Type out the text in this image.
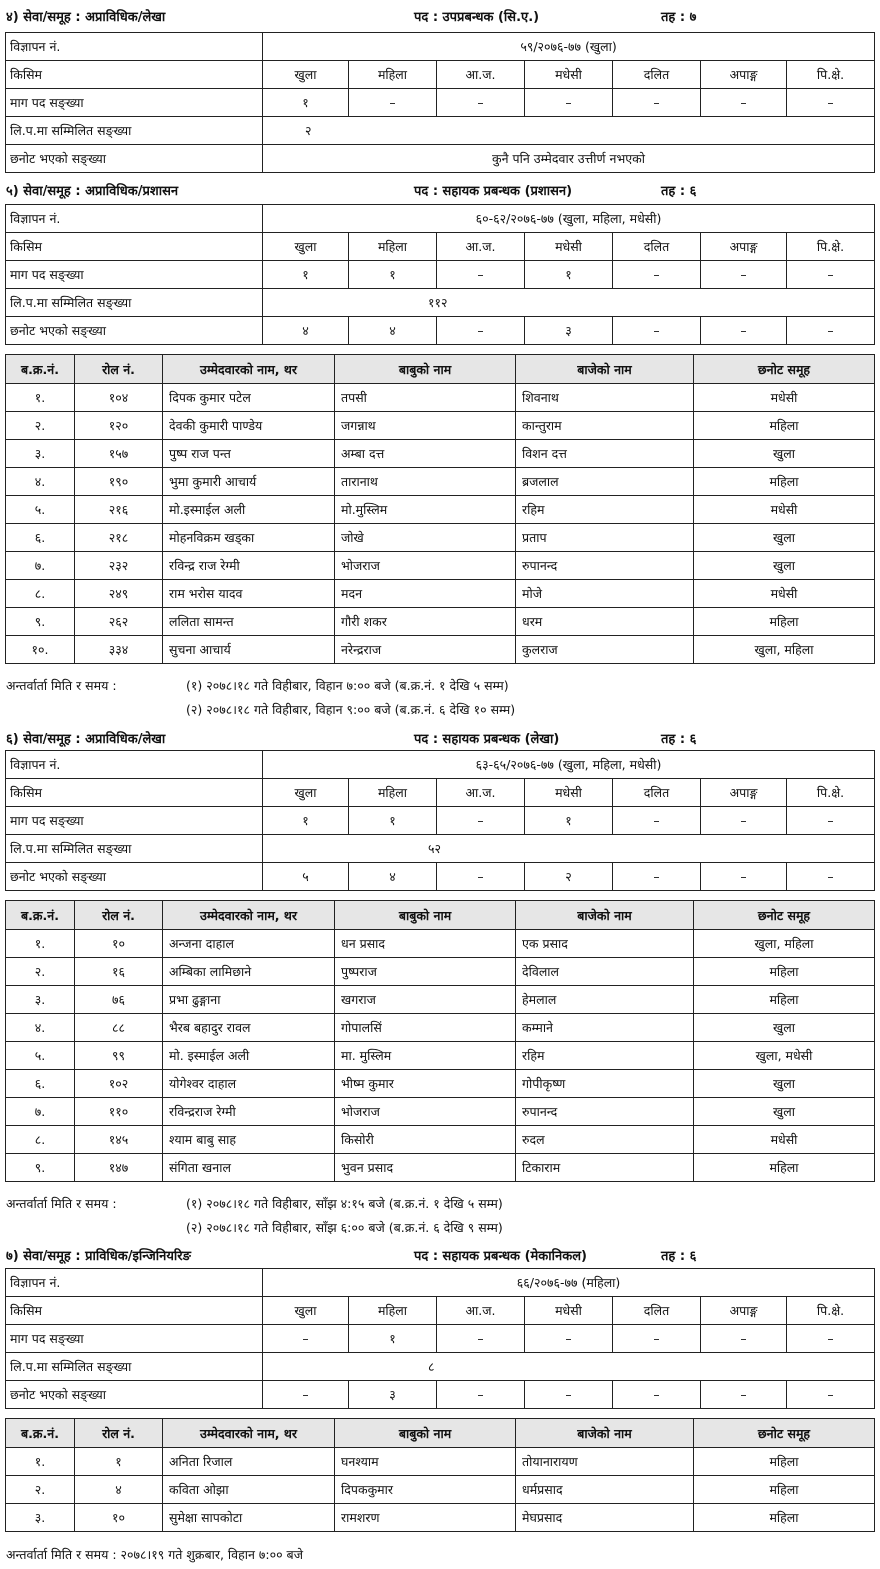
४) सेवा/समूह : अप्राविधिक/लेखा	पद : उपप्रबन्धक (सि.ए.)	तह : ७
विज्ञापन नं.	५९/२०७६-७७ (खुला)						
किसिम	खुला	महिला	आ.ज.	मधेसी	दलित	अपाङ्ग	पि.क्षे.
माग पद सङ्ख्या	१	–	–	–	–	–	–
लि.प.मा सम्मिलित सङ्ख्या	२						
छनोट भएको सङ्ख्या	कुनै पनि उम्मेदवार उत्तीर्ण नभएको						
५) सेवा/समूह : अप्राविधिक/प्रशासन	पद : सहायक प्रबन्धक (प्रशासन)	तह : ६
विज्ञापन नं.	६०-६२/२०७६-७७ (खुला, महिला, मधेसी)						
किसिम	खुला	महिला	आ.ज.	मधेसी	दलित	अपाङ्ग	पि.क्षे.
माग पद सङ्ख्या	१	१	–	१	–	–	–
लि.प.मा सम्मिलित सङ्ख्या	११२						
छनोट भएको सङ्ख्या	४	४	–	३	–	–	–
ब.क्र.नं.	रोल नं.	उम्मेदवारको नाम, थर	बाबुको नाम	बाजेको नाम	छनोट समूह
१.	१०४	दिपक कुमार पटेल	तपसी	शिवनाथ	मधेसी
२.	१२०	देवकी कुमारी पाण्डेय	जगन्नाथ	कान्तुराम	महिला
३.	१५७	पुष्प राज पन्त	अम्बा दत्त	विशन दत्त	खुला
४.	१९०	भुमा कुमारी आचार्य	तारानाथ	ब्रजलाल	महिला
५.	२१६	मो.इस्माईल अली	मो.मुस्लिम	रहिम	मधेसी
६.	२१८	मोहनविक्रम खड्का	जोखे	प्रताप	खुला
७.	२३२	रविन्द्र राज रेग्मी	भोजराज	रुपानन्द	खुला
८.	२४९	राम भरोस यादव	मदन	मोजे	मधेसी
९.	२६२	ललिता सामन्त	गौरी शकर	धरम	महिला
१०.	३३४	सुचना आचार्य	नरेन्द्रराज	कुलराज	खुला, महिला
अन्तर्वार्ता मिति र समय :	(१) २०७८।१८ गते विहीबार, विहान ७:०० बजे (ब.क्र.नं. १ देखि ५ सम्म)
(२) २०७८।१८ गते विहीबार, विहान ९:०० बजे (ब.क्र.नं. ६ देखि १० सम्म)
६) सेवा/समूह : अप्राविधिक/लेखा	पद : सहायक प्रबन्धक (लेखा)	तह : ६
विज्ञापन नं.	६३-६५/२०७६-७७ (खुला, महिला, मधेसी)						
किसिम	खुला	महिला	आ.ज.	मधेसी	दलित	अपाङ्ग	पि.क्षे.
माग पद सङ्ख्या	१	१	–	१	–	–	–
लि.प.मा सम्मिलित सङ्ख्या	५२						
छनोट भएको सङ्ख्या	५	४	–	२	–	–	–
ब.क्र.नं.	रोल नं.	उम्मेदवारको नाम, थर	बाबुको नाम	बाजेको नाम	छनोट समूह
१.	१०	अन्जना दाहाल	धन प्रसाद	एक प्रसाद	खुला, महिला
२.	१६	अम्बिका लामिछाने	पुष्पराज	देविलाल	महिला
३.	७६	प्रभा ढुङ्गाना	खगराज	हेमलाल	महिला
४.	८८	भैरब बहादुर रावल	गोपालसिं	कम्माने	खुला
५.	९९	मो. इस्माईल अली	मा. मुस्लिम	रहिम	खुला, मधेसी
६.	१०२	योगेश्वर दाहाल	भीष्म कुमार	गोपीकृष्ण	खुला
७.	११०	रविन्द्रराज रेग्मी	भोजराज	रुपानन्द	खुला
८.	१४५	श्याम बाबु साह	किसोरी	रुदल	मधेसी
९.	१४७	संगिता खनाल	भुवन प्रसाद	टिकाराम	महिला
अन्तर्वार्ता मिति र समय :	(१) २०७८।१८ गते विहीबार, साँझ ४:१५ बजे (ब.क्र.नं. १ देखि ५ सम्म)
(२) २०७८।१८ गते विहीबार, साँझ ६:०० बजे (ब.क्र.नं. ६ देखि ९ सम्म)
७) सेवा/समूह : प्राविधिक/इन्जिनियरिङ	पद : सहायक प्रबन्धक (मेकानिकल)	तह : ६
विज्ञापन नं.	६६/२०७६-७७ (महिला)						
किसिम	खुला	महिला	आ.ज.	मधेसी	दलित	अपाङ्ग	पि.क्षे.
माग पद सङ्ख्या	–	१	–	–	–	–	–
लि.प.मा सम्मिलित सङ्ख्या	८						
छनोट भएको सङ्ख्या	–	३	–	–	–	–	–
ब.क्र.नं.	रोल नं.	उम्मेदवारको नाम, थर	बाबुको नाम	बाजेको नाम	छनोट समूह
१.	१	अनिता रिजाल	घनश्याम	तोयानारायण	महिला
२.	४	कविता ओझा	दिपककुमार	धर्मप्रसाद	महिला
३.	१०	सुमेक्षा सापकोटा	रामशरण	मेघप्रसाद	महिला
अन्तर्वार्ता मिति र समय : २०७८।१९ गते शुक्रबार, विहान ७:०० बजे
